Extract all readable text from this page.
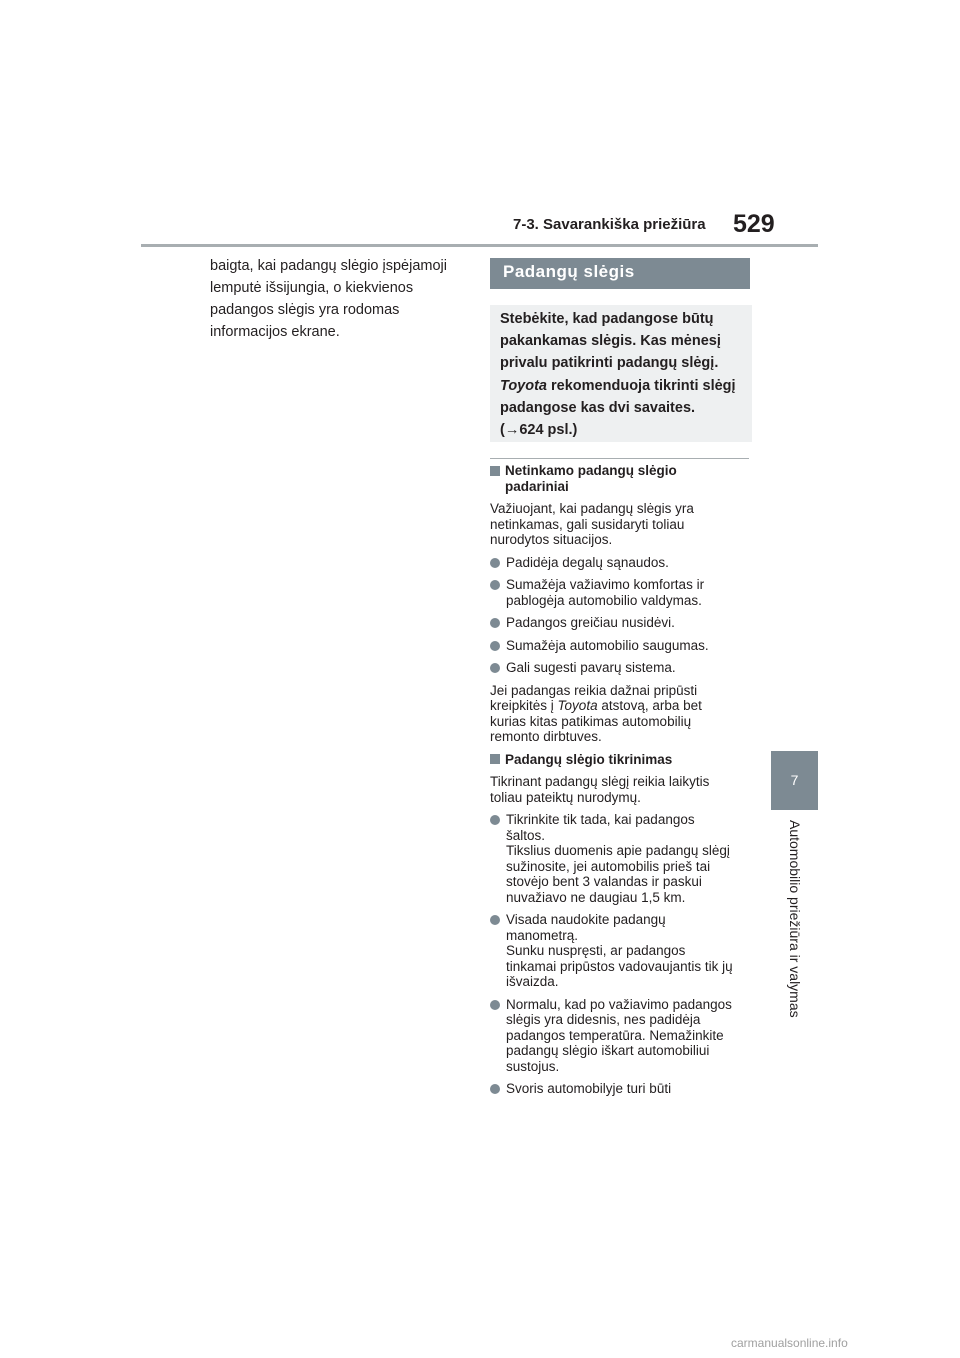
7-3. Savarankiška priežiūra 529
baigta, kai padangų slėgio įspėjamoji
lemputė išsijungia, o kiekvienos
padangos slėgis yra rodomas
informacijos ekrane.
Padangų slėgis

Stebėkite, kad padangose būtų

pakankamas slėgis. Kas mėnesį

privalu patikrinti padangų slėgį.

Toyota rekomenduoja tikrinti slėgį

padangose kas dvi savaites.

(→624 psl.)

Netinkamo padangų slėgio

padariniai

Važiuojant, kai padangų slėgis yra
netinkamas, gali susidaryti toliau
nurodytos situacijos.

Padidėja degalų sąnaudos.

Sumažėja važiavimo komfortas ir

pablogėja automobilio valdymas.

Padangos greičiau nusidėvi.

Sumažėja automobilio saugumas.

Gali sugesti pavarų sistema.

Jei padangas reikia dažnai pripūsti
kreipkitės į Toyota atstovą, arba bet
kurias kitas patikimas automobilių
remonto dirbtuves.

Padangų slėgio tikrinimas

Tikrinant padangų slėgį reikia laikytis
toliau pateiktų nurodymų.

Tikrinkite tik tada, kai padangos

šaltos.

Tikslius duomenis apie padangų slėgį

sužinosite, jei automobilis prieš tai

stovėjo bent 3 valandas ir paskui

nuvažiavo ne daugiau 1,5 km.

Visada naudokite padangų

manometrą.

Sunku nuspręsti, ar padangos

tinkamai pripūstos vadovaujantis tik jų

išvaizda.

Normalu, kad po važiavimo padangos

slėgis yra didesnis, nes padidėja

padangos temperatūra. Nemažinkite

padangų slėgio iškart automobiliui

sustojus.

Svoris automobilyje turi būti

7
Automobilio priežiūra ir valymas
carmanualsonline.info
